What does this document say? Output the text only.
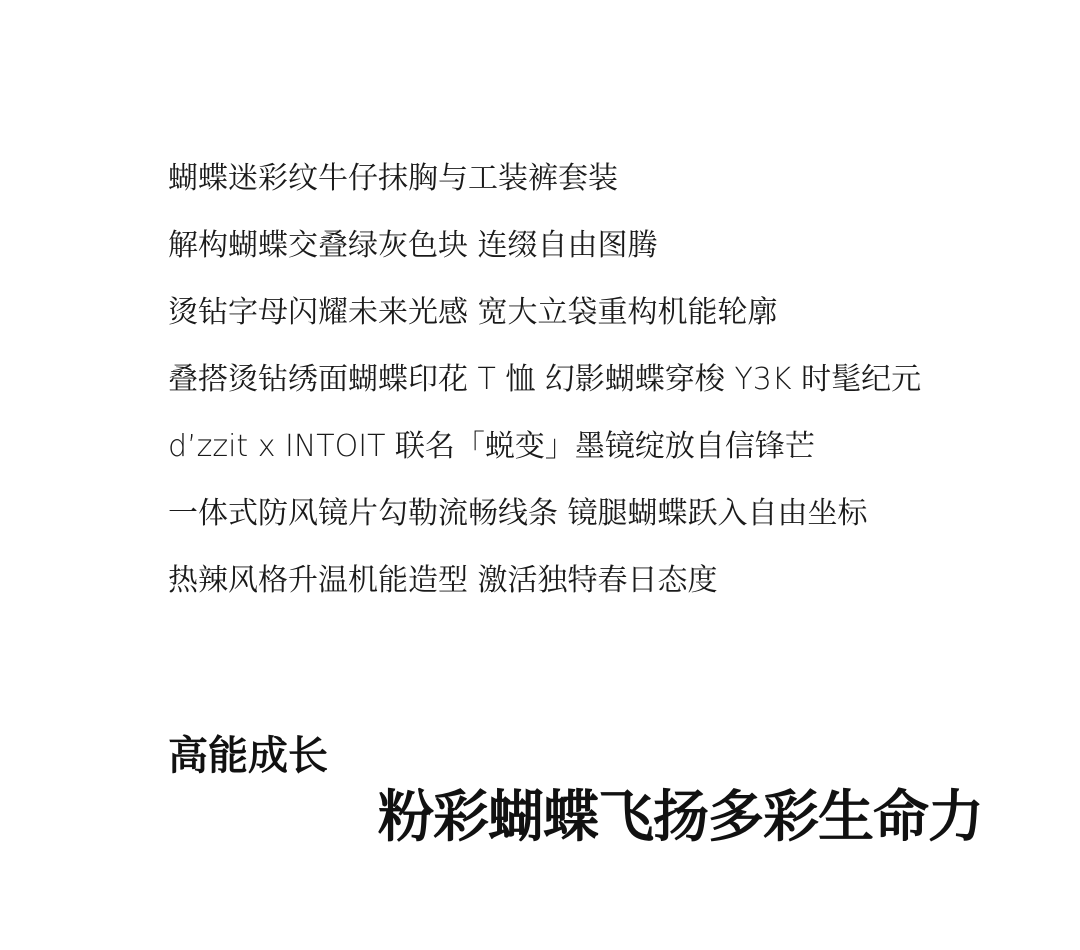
蝴蝶迷彩纹牛仔抹胸与工装裤套装
解构蝴蝶交叠绿灰色块 连缀自由图腾
烫钻字母闪耀未来光感 宽大立袋重构机能轮廓
叠搭烫钻绣面蝴蝶印花 T 恤 幻影蝴蝶穿梭 Y3K 时髦纪元
d’zzit x INTOIT 联名「蜕变」墨镜绽放自信锋芒
一体式防风镜片勾勒流畅线条 镜腿蝴蝶跃入自由坐标
热辣风格升温机能造型 激活独特春日态度
高能成长
粉彩蝴蝶飞扬多彩生命力
